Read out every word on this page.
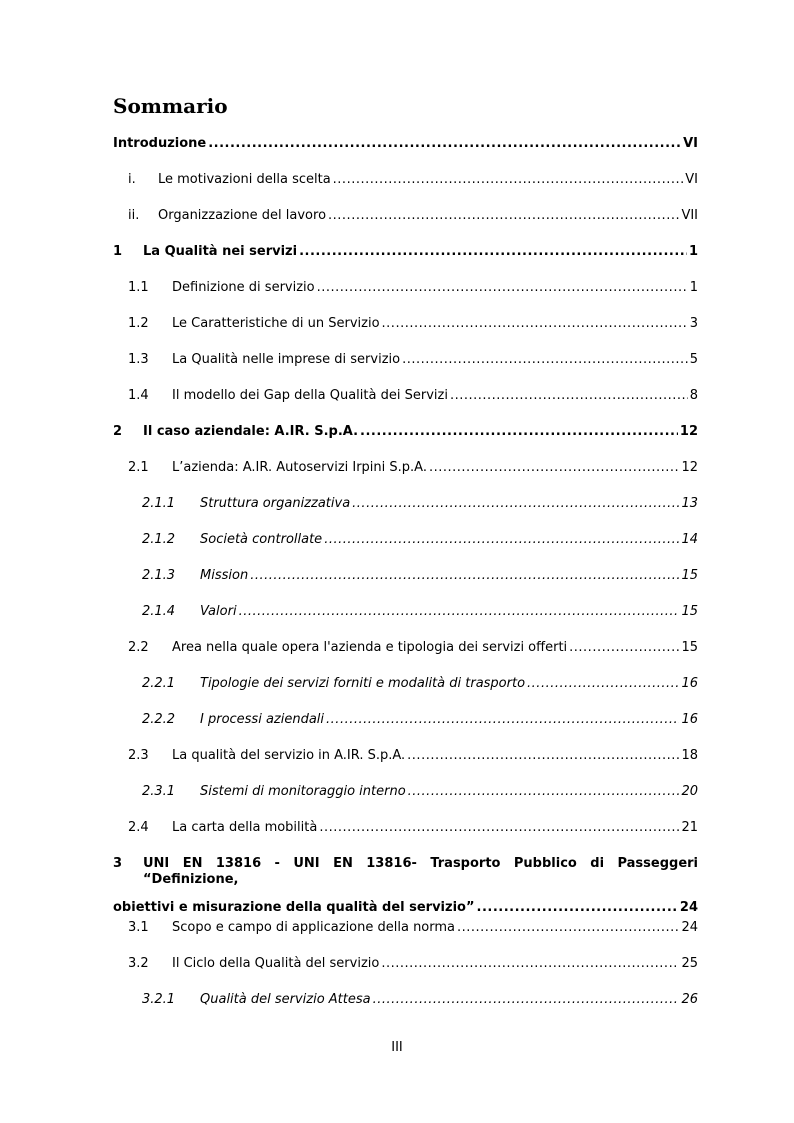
Sommario
Introduzione .....	VI
i.	Le motivazioni della scelta .....	VI
ii.	Organizzazione del lavoro .....	VII
1	La Qualità nei servizi .....	1
1.1	Definizione di servizio .....	1
1.2	Le Caratteristiche di un Servizio .....	3
1.3	La Qualità nelle imprese di servizio .....	5
1.4	Il modello dei Gap della Qualità dei Servizi .....	8
2	Il caso aziendale: A.IR. S.p.A. .....	12
2.1	L’azienda: A.IR. Autoservizi Irpini S.p.A. .....	12
2.1.1	Struttura organizzativa .....	13
2.1.2	Società controllate .....	14
2.1.3	Mission .....	15
2.1.4	Valori .....	15
2.2	Area nella quale opera l'azienda e tipologia dei servizi offerti .....	15
2.2.1	Tipologie dei servizi forniti e modalità di trasporto .....	16
2.2.2	I processi aziendali .....	16
2.3	La qualità del servizio in A.IR. S.p.A. .....	18
2.3.1	Sistemi di monitoraggio interno .....	20
2.4	La carta della mobilità .....	21
3	UNI EN 13816 - UNI EN 13816- Trasporto Pubblico di Passeggeri “Definizione,
obiettivi e misurazione della qualità del servizio” .....	24
3.1	Scopo e campo di applicazione della norma .....	24
3.2	Il Ciclo della Qualità del servizio .....	25
3.2.1	Qualità del servizio Attesa .....	26
III
